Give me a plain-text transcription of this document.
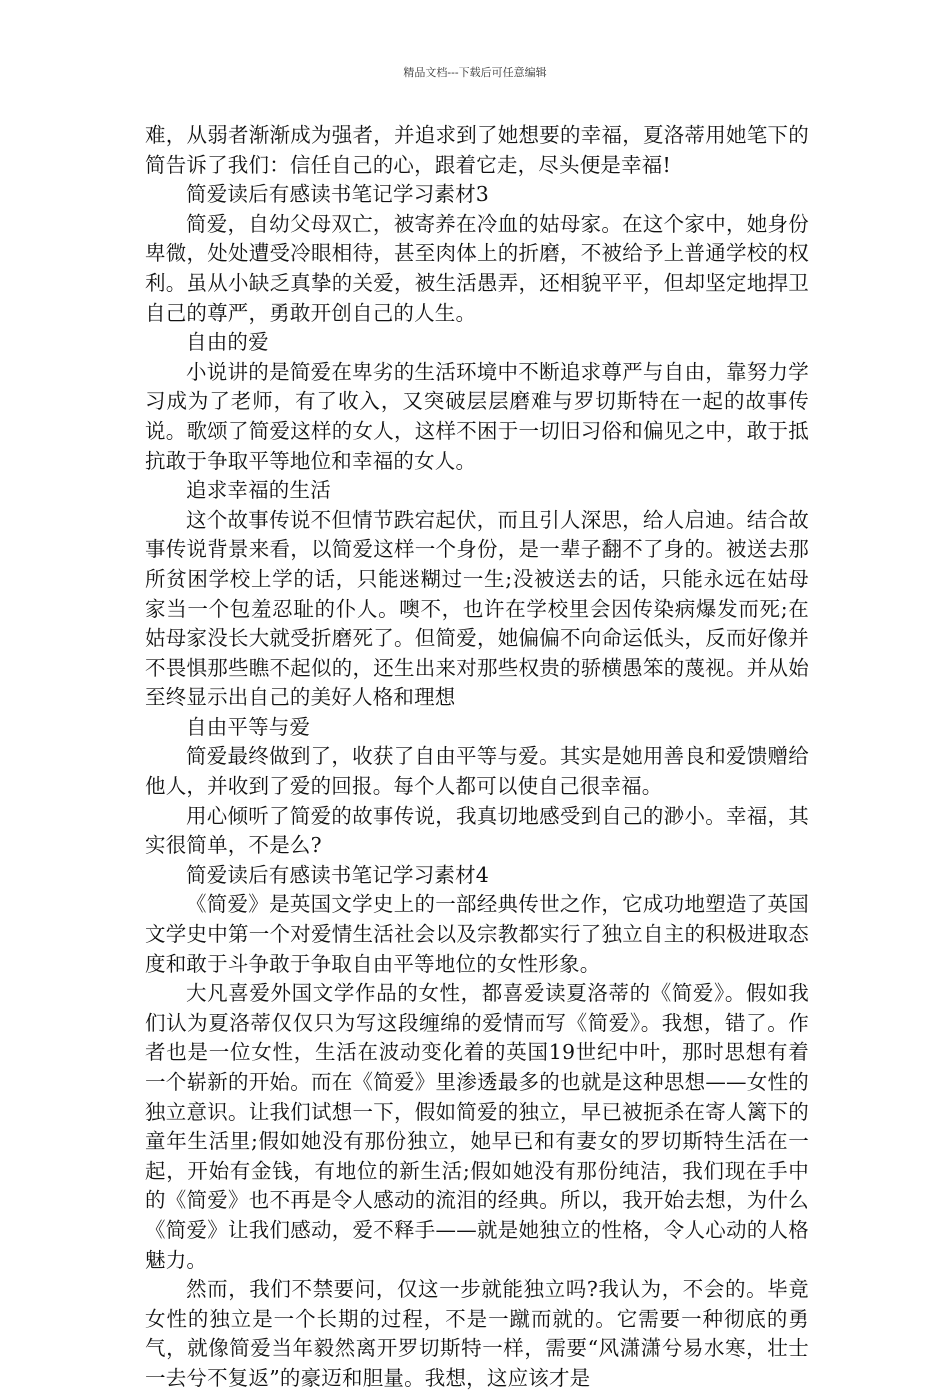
精品文档---下载后可任意编辑

难，从弱者渐渐成为强者，并追求到了她想要的幸福，夏洛蒂用她笔下的简告诉了我们：信任自己的心，跟着它走，尽头便是幸福!

简爱读后有感读书笔记学习素材3

简爱，自幼父母双亡，被寄养在冷血的姑母家。在这个家中，她身份卑微，处处遭受冷眼相待，甚至肉体上的折磨，不被给予上普通学校的权利。虽从小缺乏真挚的关爱，被生活愚弄，还相貌平平，但却坚定地捍卫自己的尊严，勇敢开创自己的人生。

自由的爱

小说讲的是简爱在卑劣的生活环境中不断追求尊严与自由，靠努力学习成为了老师，有了收入，又突破层层磨难与罗切斯特在一起的故事传说。歌颂了简爱这样的女人，这样不困于一切旧习俗和偏见之中，敢于抵抗敢于争取平等地位和幸福的女人。

追求幸福的生活

这个故事传说不但情节跌宕起伏，而且引人深思，给人启迪。结合故事传说背景来看，以简爱这样一个身份，是一辈子翻不了身的。被送去那所贫困学校上学的话，只能迷糊过一生;没被送去的话，只能永远在姑母家当一个包羞忍耻的仆人。噢不，也许在学校里会因传染病爆发而死;在姑母家没长大就受折磨死了。但简爱，她偏偏不向命运低头，反而好像并不畏惧那些瞧不起似的，还生出来对那些权贵的骄横愚笨的蔑视。并从始至终显示出自己的美好人格和理想

自由平等与爱

简爱最终做到了，收获了自由平等与爱。其实是她用善良和爱馈赠给他人，并收到了爱的回报。每个人都可以使自己很幸福。

用心倾听了简爱的故事传说，我真切地感受到自己的渺小。幸福，其实很简单，不是么?

简爱读后有感读书笔记学习素材4

《简爱》是英国文学史上的一部经典传世之作，它成功地塑造了英国文学史中第一个对爱情生活社会以及宗教都实行了独立自主的积极进取态度和敢于斗争敢于争取自由平等地位的女性形象。

大凡喜爱外国文学作品的女性，都喜爱读夏洛蒂的《简爱》。假如我们认为夏洛蒂仅仅只为写这段缠绵的爱情而写《简爱》。我想，错了。作者也是一位女性，生活在波动变化着的英国19世纪中叶，那时思想有着一个崭新的开始。而在《简爱》里渗透最多的也就是这种思想——女性的独立意识。让我们试想一下，假如简爱的独立，早已被扼杀在寄人篱下的童年生活里;假如她没有那份独立，她早已和有妻女的罗切斯特生活在一起，开始有金钱，有地位的新生活;假如她没有那份纯洁，我们现在手中的《简爱》也不再是令人感动的流泪的经典。所以，我开始去想，为什么《简爱》让我们感动，爱不释手——就是她独立的性格，令人心动的人格魅力。

然而，我们不禁要问，仅这一步就能独立吗?我认为，不会的。毕竟女性的独立是一个长期的过程，不是一蹴而就的。它需要一种彻底的勇气，就像简爱当年毅然离开罗切斯特一样，需要“风潇潇兮易水寒，壮士一去兮不复返”的豪迈和胆量。我想，这应该才是
